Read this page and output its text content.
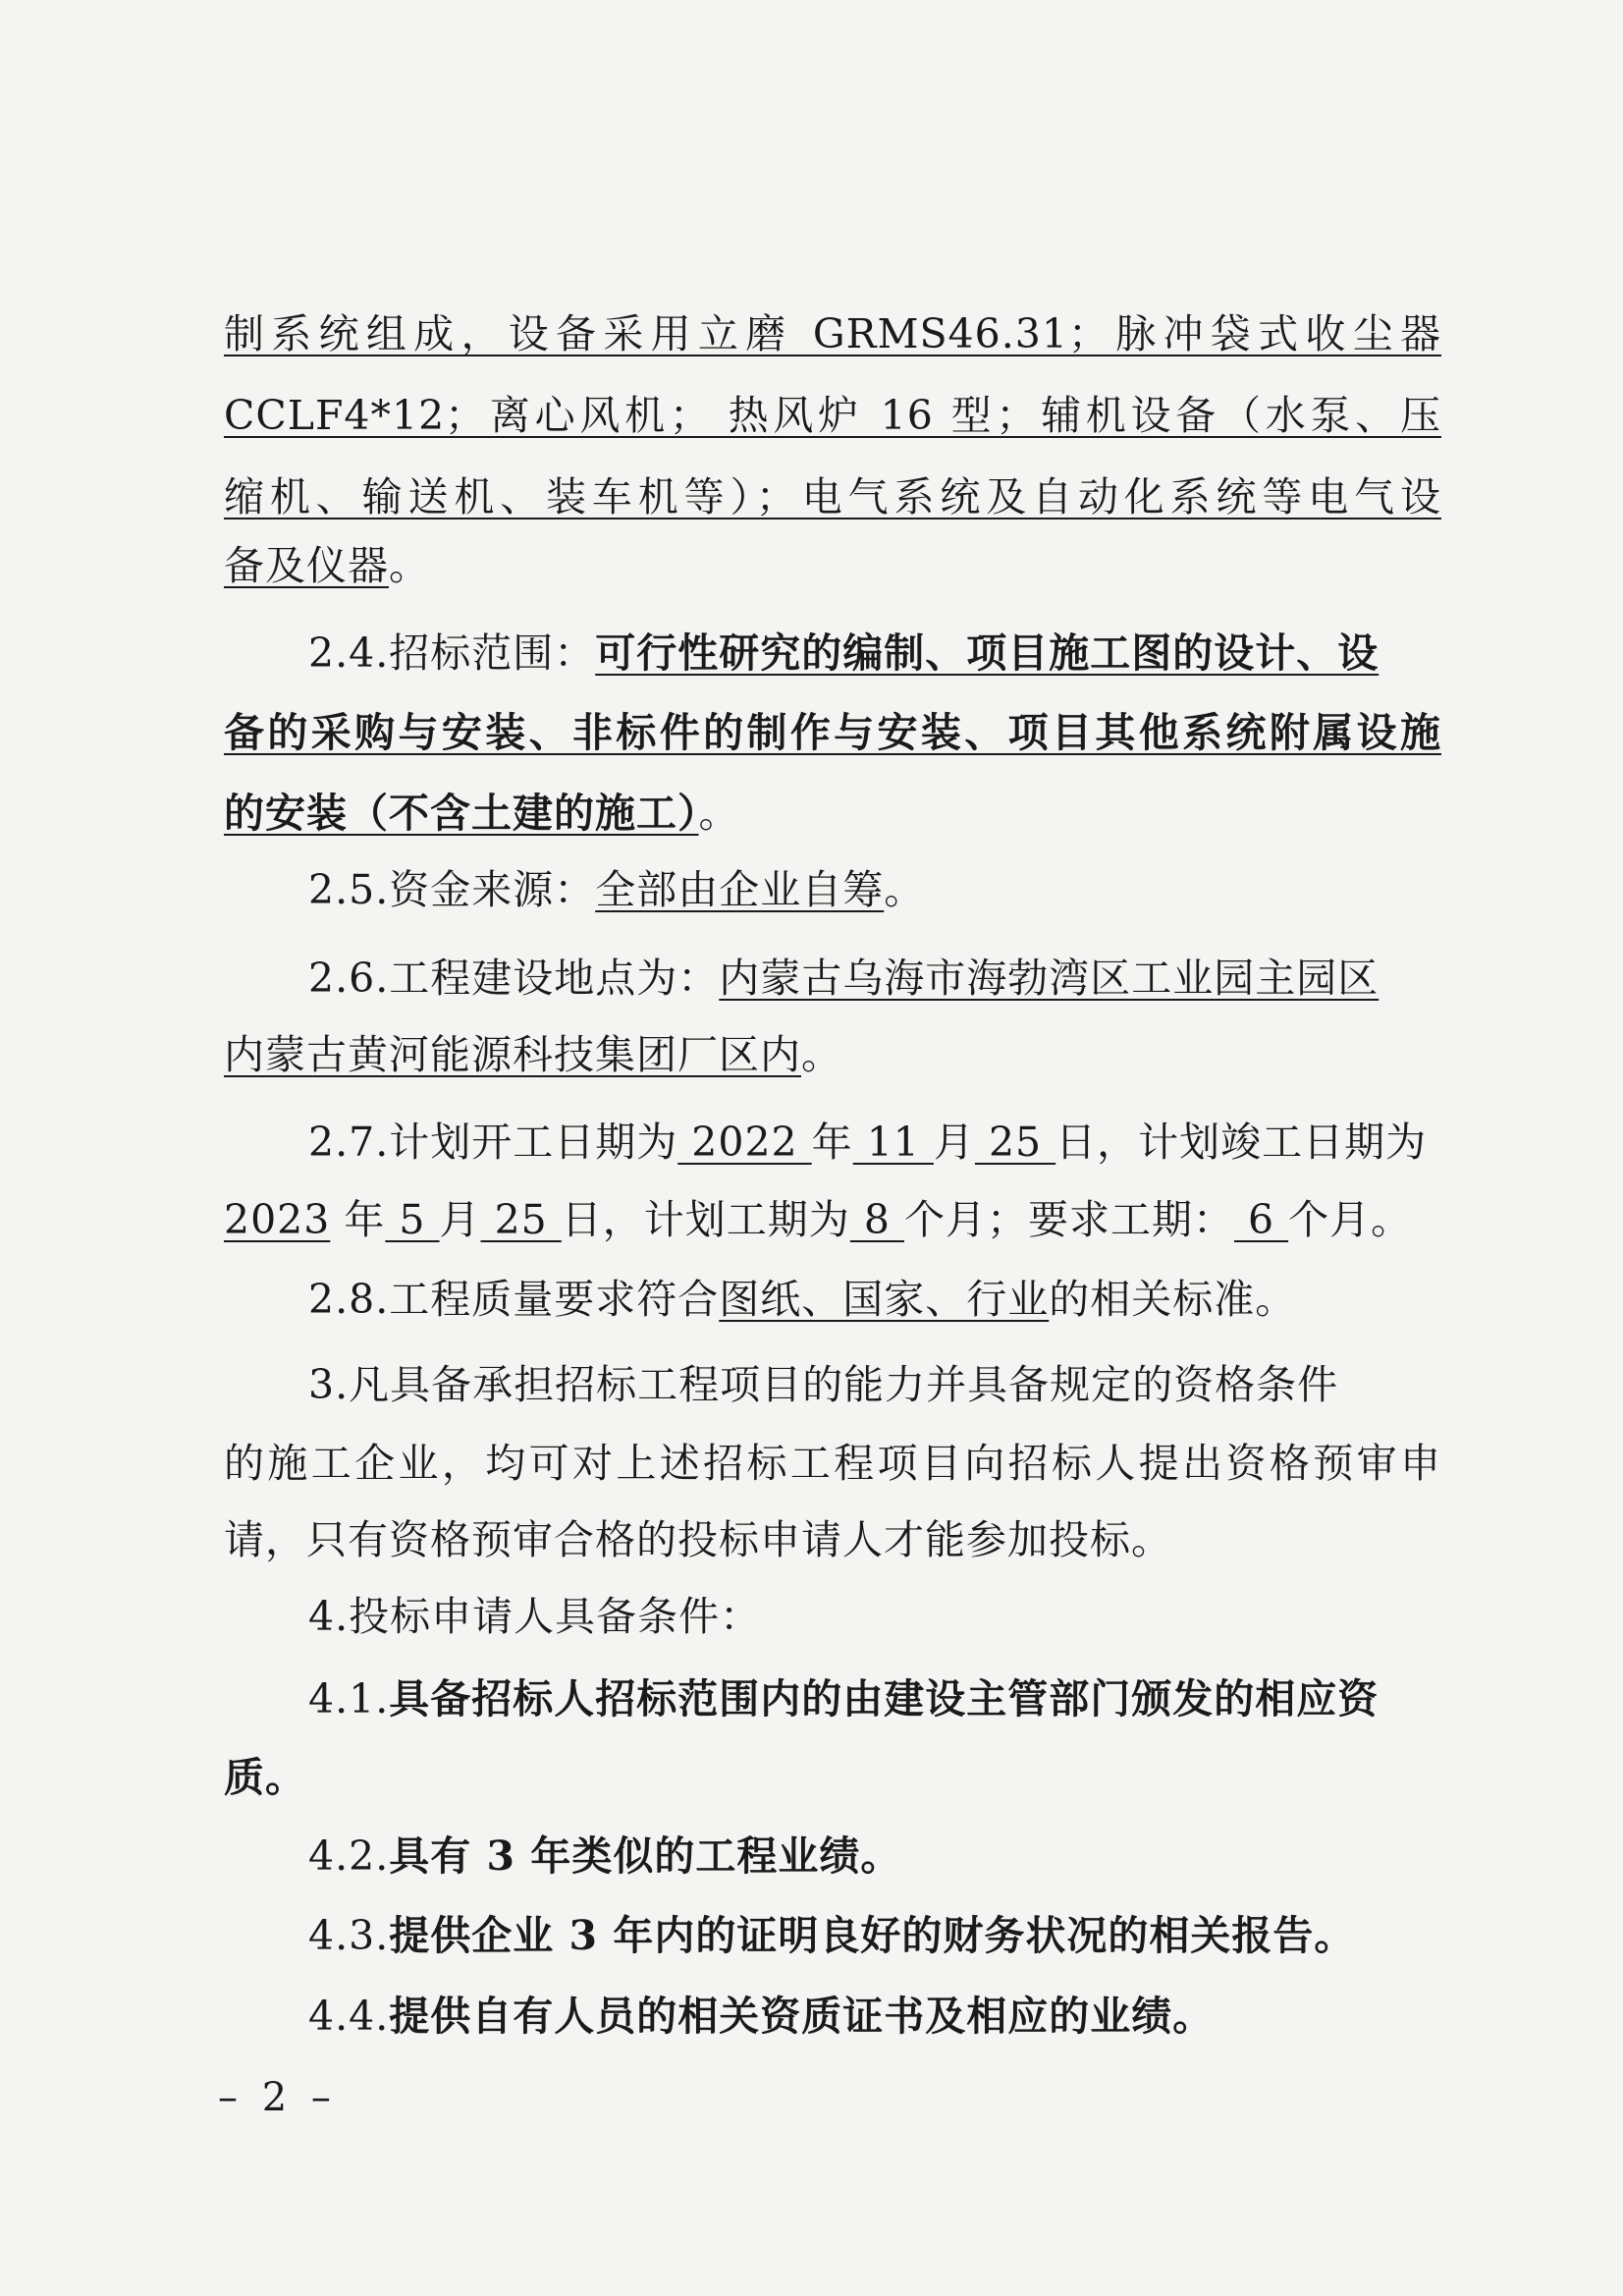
制系统组成，设备采用立磨 GRMS46.31；脉冲袋式收尘器
CCLF4*12；离心风机； 热风炉 16 型；辅机设备（水泵、压
缩机、输送机、装车机等）；电气系统及自动化系统等电气设
备及仪器。
2.4.招标范围：可行性研究的编制、项目施工图的设计、设
备的采购与安装、非标件的制作与安装、项目其他系统附属设施
的安装（不含土建的施工）。
2.5.资金来源：全部由企业自筹。
2.6.工程建设地点为：内蒙古乌海市海勃湾区工业园主园区
内蒙古黄河能源科技集团厂区内。
2.7.计划开工日期为 2022 年 11 月 25 日，计划竣工日期为
2023 年 5 月 25 日，计划工期为 8 个月；要求工期： 6 个月。
2.8.工程质量要求符合图纸、国家、行业的相关标准。
3.凡具备承担招标工程项目的能力并具备规定的资格条件
的施工企业，均可对上述招标工程项目向招标人提出资格预审申
请，只有资格预审合格的投标申请人才能参加投标。
4.投标申请人具备条件：
4.1.具备招标人招标范围内的由建设主管部门颁发的相应资
质。
4.2.具有 3 年类似的工程业绩。
4.3.提供企业 3 年内的证明良好的财务状况的相关报告。
4.4.提供自有人员的相关资质证书及相应的业绩。
– 2 –
